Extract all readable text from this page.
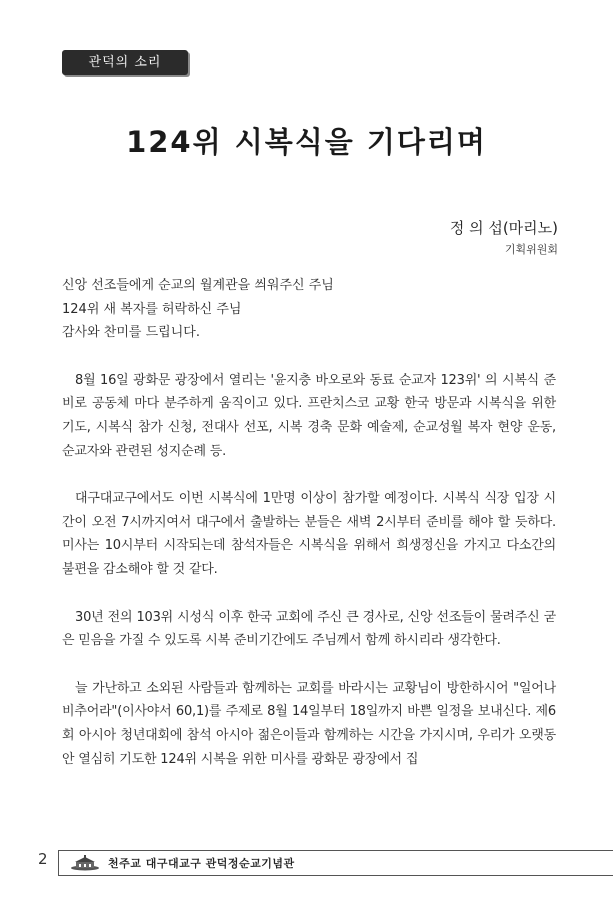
관덕의 소리
124위 시복식을 기다리며
정 의 섭(마리노)
기획위원회
신앙 선조들에게 순교의 월계관을 씌워주신 주님
124위 새 복자를 허락하신 주님
감사와 찬미를 드립니다.

8월 16일 광화문 광장에서 열리는 '윤지충 바오로와 동료 순교자 123위' 의 시복식 준비로 공동체 마다 분주하게 움직이고 있다. 프란치스코 교황 한국 방문과 시복식을 위한 기도, 시복식 참가 신청, 전대사 선포, 시복 경축 문화 예술제, 순교성월 복자 현양 운동, 순교자와 관련된 성지순례 등.

대구대교구에서도 이번 시복식에 1만명 이상이 참가할 예정이다. 시복식 식장 입장 시간이 오전 7시까지여서 대구에서 출발하는 분들은 새벽 2시부터 준비를 해야 할 듯하다. 미사는 10시부터 시작되는데 참석자들은 시복식을 위해서 희생정신을 가지고 다소간의 불편을 감소해야 할 것 같다.

30년 전의 103위 시성식 이후 한국 교회에 주신 큰 경사로, 신앙 선조들이 물려주신 굳은 믿음을 가질 수 있도록 시복 준비기간에도 주님께서 함께 하시리라 생각한다.

늘 가난하고 소외된 사람들과 함께하는 교회를 바라시는 교황님이 방한하시어 "일어나 비추어라"(이사야서 60,1)를 주제로 8월 14일부터 18일까지 바쁜 일정을 보내신다. 제6회 아시아 청년대회에 참석 아시아 젊은이들과 함께하는 시간을 가지시며, 우리가 오랫동안 열심히 기도한 124위 시복을 위한 미사를 광화문 광장에서 집

2	천주교 대구대교구 관덕정순교기념관
